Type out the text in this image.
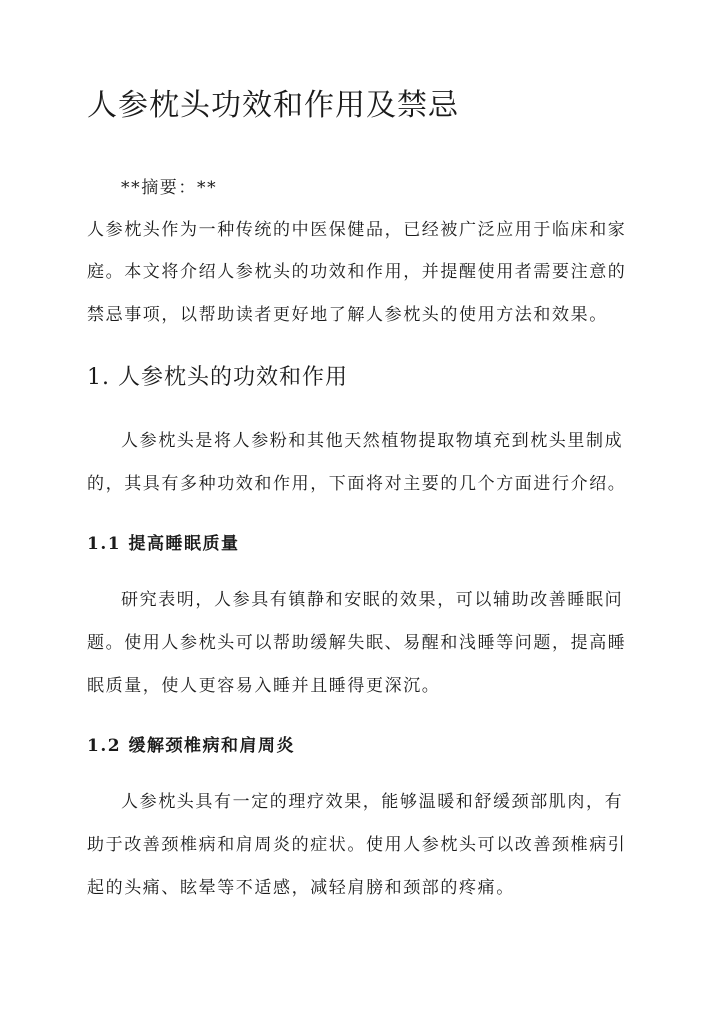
人参枕头功效和作用及禁忌

**摘要：**

人参枕头作为一种传统的中医保健品，已经被广泛应用于临床和家

庭。本文将介绍人参枕头的功效和作用，并提醒使用者需要注意的

禁忌事项，以帮助读者更好地了解人参枕头的使用方法和效果。

1. 人参枕头的功效和作用

人参枕头是将人参粉和其他天然植物提取物填充到枕头里制成

的，其具有多种功效和作用，下面将对主要的几个方面进行介绍。

1.1 提高睡眠质量

研究表明，人参具有镇静和安眠的效果，可以辅助改善睡眠问

题。使用人参枕头可以帮助缓解失眠、易醒和浅睡等问题，提高睡

眠质量，使人更容易入睡并且睡得更深沉。

1.2 缓解颈椎病和肩周炎

人参枕头具有一定的理疗效果，能够温暖和舒缓颈部肌肉，有

助于改善颈椎病和肩周炎的症状。使用人参枕头可以改善颈椎病引

起的头痛、眩晕等不适感，减轻肩膀和颈部的疼痛。
